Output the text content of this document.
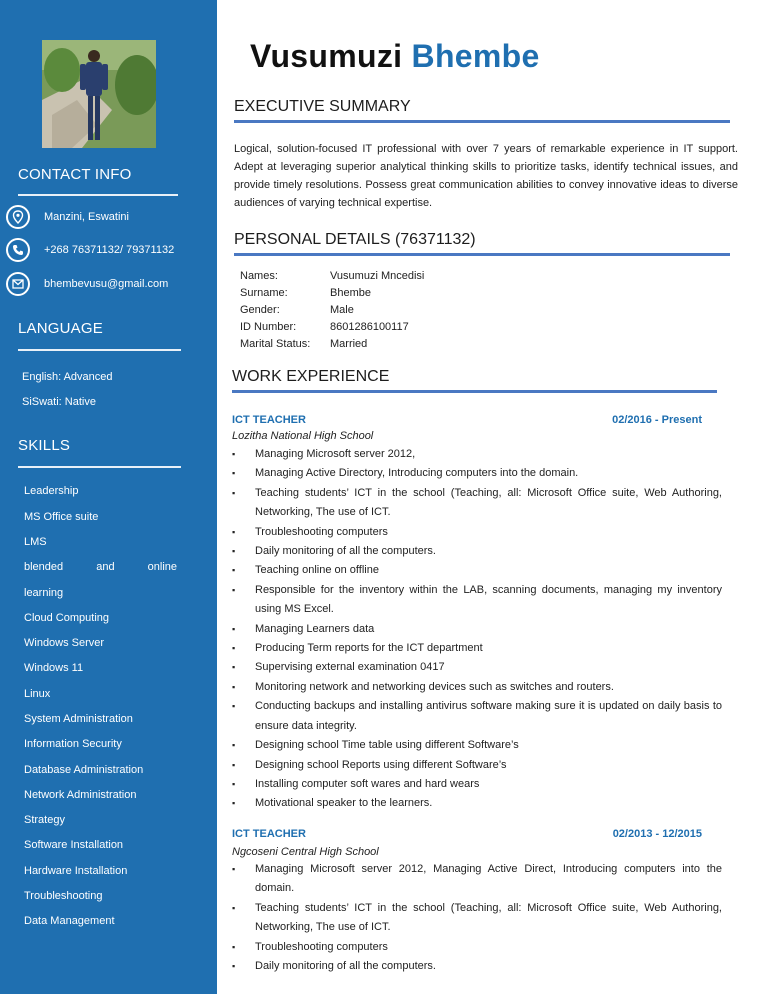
CONTACT INFO
Manzini, Eswatini
+268 76371132/ 79371132
bhembevusu@gmail.com
LANGUAGE
English: Advanced
SiSwati: Native
SKILLS
Leadership
MS Office suite
LMS
blended	and	online
learning
Cloud Computing
Windows Server
Windows 11
Linux
System Administration
Information Security
Database Administration
Network Administration
Strategy
Software Installation
Hardware Installation
Troubleshooting
Data Management
Vusumuzi Bhembe
EXECUTIVE SUMMARY
Logical, solution-focused IT professional with over 7 years of remarkable experience in IT support. Adept at leveraging superior analytical thinking skills to prioritize tasks, identify technical issues, and provide timely resolutions. Possess great communication abilities to convey innovative ideas to diverse audiences of varying technical expertise.
PERSONAL DETAILS (76371132)
Names:	Vusumuzi Mncedisi
Surname:	Bhembe
Gender:	Male
ID Number:	8601286100117
Marital Status:	Married
WORK EXPERIENCE
ICT TEACHER	02/2016 - Present
Lozitha National High School
▪ Managing Microsoft server 2012,
▪ Managing Active Directory, Introducing computers into the domain.
▪ Teaching students’ ICT in the school (Teaching, all: Microsoft Office suite, Web Authoring, Networking, The use of ICT.
▪ Troubleshooting computers
▪ Daily monitoring of all the computers.
▪ Teaching online on offline
▪ Responsible for the inventory within the LAB, scanning documents, managing my inventory using MS Excel.
▪ Managing Learners data
▪ Producing Term reports for the ICT department
▪ Supervising external examination 0417
▪ Monitoring network and networking devices such as switches and routers.
▪ Conducting backups and installing antivirus software making sure it is updated on daily basis to ensure data integrity.
▪ Designing school Time table using different Software’s
▪ Designing school Reports using different Software’s
▪ Installing computer soft wares and hard wears
▪ Motivational speaker to the learners.
ICT TEACHER	02/2013 - 12/2015
Ngcoseni Central High School
▪ Managing Microsoft server 2012, Managing Active Direct, Introducing computers into the domain.
▪ Teaching students’ ICT in the school (Teaching, all: Microsoft Office suite, Web Authoring, Networking, The use of ICT.
▪ Troubleshooting computers
▪ Daily monitoring of all the computers.
